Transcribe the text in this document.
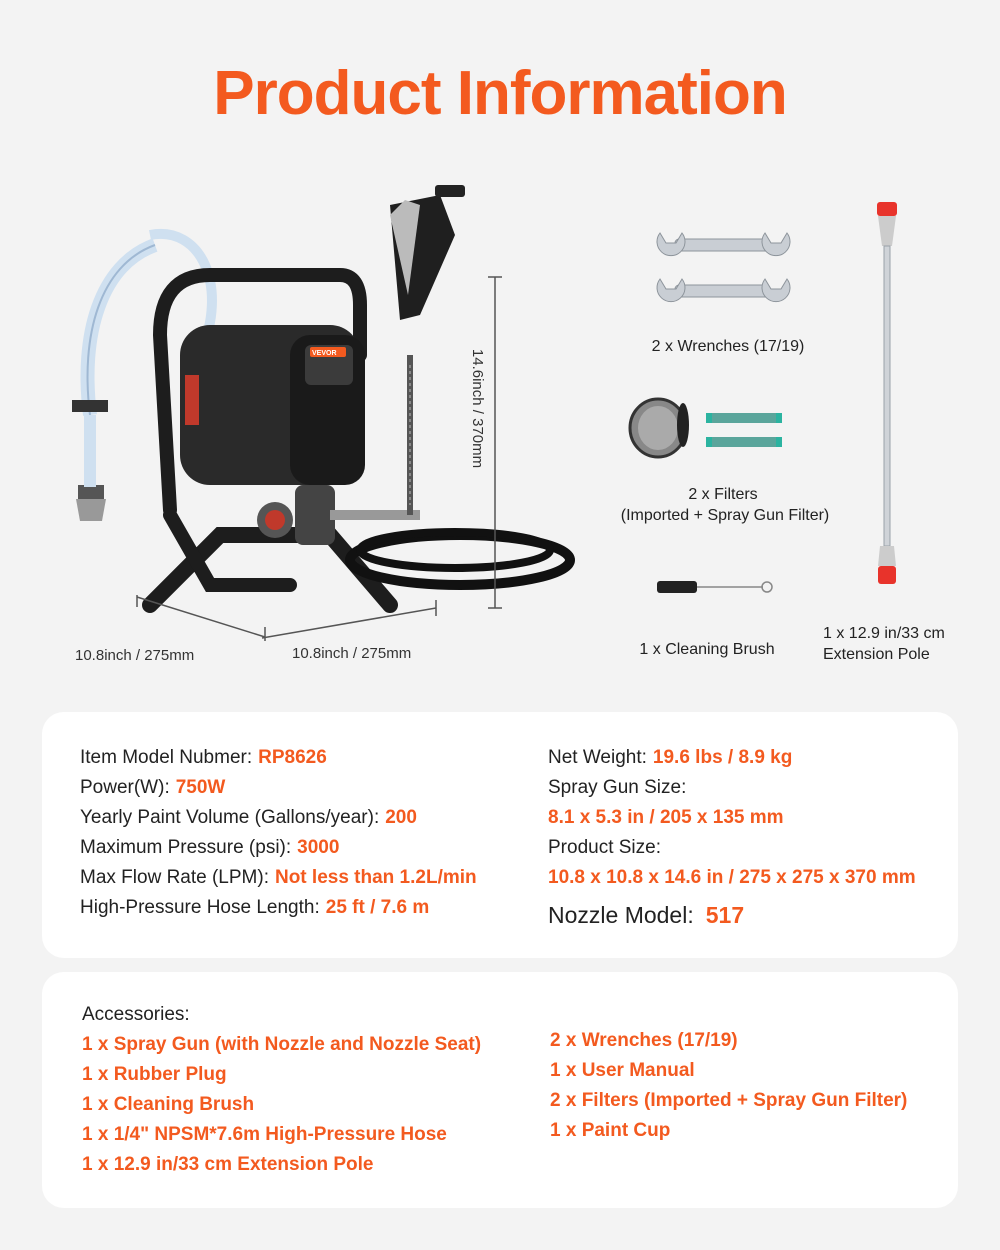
Product Information
VEVOR	14.6inch / 370mm
10.8inch / 275mm	10.8inch / 275mm
2 x Wrenches (17/19)
2 x Filters
(Imported + Spray Gun Filter)
1 x Cleaning Brush
1 x 12.9 in/33 cm
Extension Pole
Item Model Nubmer: RP8626
Power(W): 750W
Yearly Paint Volume (Gallons/year): 200
Maximum Pressure (psi): 3000
Max Flow Rate (LPM): Not less than 1.2L/min
High-Pressure Hose Length: 25 ft / 7.6 m
Net Weight: 19.6 lbs / 8.9 kg
Spray Gun Size:
8.1 x 5.3 in / 205 x 135 mm
Product Size:
10.8 x 10.8 x 14.6 in / 275 x 275 x 370 mm
Nozzle Model: 517
Accessories:
1 x Spray Gun (with Nozzle and Nozzle Seat)
1 x Rubber Plug
1 x Cleaning Brush
1 x 1/4" NPSM*7.6m High-Pressure Hose
1 x 12.9 in/33 cm Extension Pole
2 x Wrenches (17/19)
1 x User Manual
2 x Filters (Imported + Spray Gun Filter)
1 x Paint Cup
